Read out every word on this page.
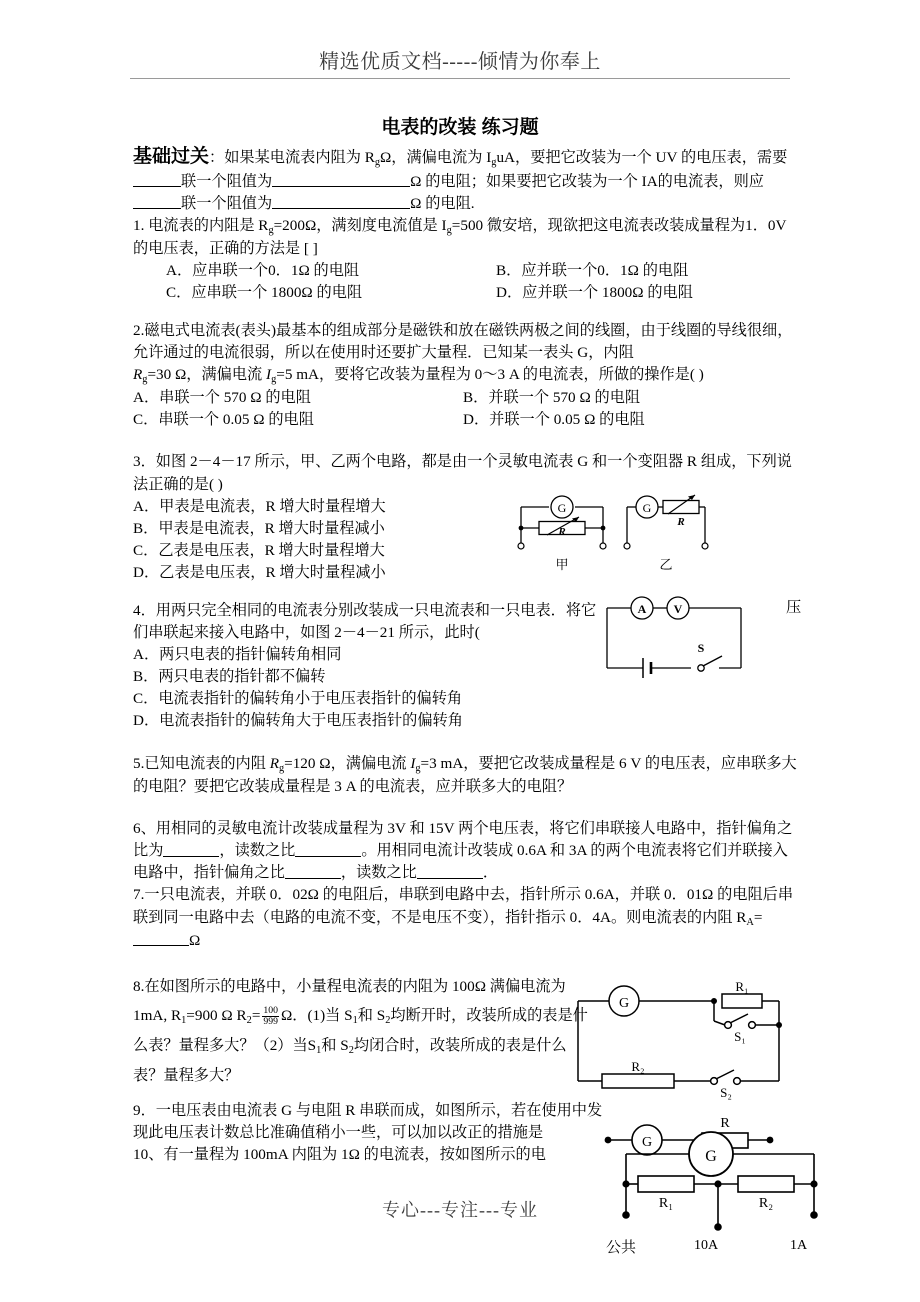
精选优质文档-----倾情为你奉上
电表的改装 练习题
基础过关：如果某电流表内阻为 $R_g\Omega$，满偏电流为 $I_guA$，要把它改装为一个 UV 的电压表，需要联一个阻值为	Ω 的电阻；如果要把它改装为一个 IA的电流表，则应联一个阻值为	Ω 的电阻.
1. 电流表的内阻是 $R_g=200\Omega$，满刻度电流值是 $I_g=500$ 微安培，现欲把这电流表改装成量程为1．0V 的电压表，正确的方法是 [ ]
A．应串联一个0．1Ω 的电阻	B．应并联一个0．1Ω 的电阻
C．应串联一个 1800Ω 的电阻	D．应并联一个 1800Ω 的电阻
2.磁电式电流表(表头)最基本的组成部分是磁铁和放在磁铁两极之间的线圈，由于线圈的导线很细，允许通过的电流很弱，所以在使用时还要扩大量程．已知某一表头 G，内阻
$R_g=30$ Ω，满偏电流 $I_g=5$ mA，要将它改装为量程为 0～3 A 的电流表，所做的操作是( )
A．串联一个 570 Ω 的电阻	B．并联一个 570 Ω 的电阻
C．串联一个 0.05 Ω 的电阻	D．并联一个 0.05 Ω 的电阻
3．如图 2－4－17 所示，甲、乙两个电路，都是由一个灵敏电流表 G 和一个变阻器 R 组成，下列说法正确的是( )
A．甲表是电流表，R 增大时量程增大
B．甲表是电流表，R 增大时量程减小
C．乙表是电压表，R 增大时量程增大
D．乙表是电压表，R 增大时量程减小
4．用两只完全相同的电流表分别改装成一只电流表和一只电表．将它们串联起来接入电路中，如图 2－4－21 所示，此时(
A．两只电表的指针偏转角相同
B．两只电表的指针都不偏转
C．电流表指针的偏转角小于电压表指针的偏转角
D．电流表指针的偏转角大于电压表指针的偏转角
5.已知电流表的内阻 $R_g=120$ Ω，满偏电流 $I_g=3$ mA，要把它改装成量程是 6 V 的电压表，应串联多大的电阻？要把它改装成量程是 3 A 的电流表，应并联多大的电阻？
6、用相同的灵敏电流计改装成量程为 3V 和 15V 两个电压表，将它们串联接人电路中，指针偏角之比为	，读数之比	。用相同电流计改装成 0.6A 和 3A 的两个电流表将它们并联接入电路中，指针偏角之比	，读数之比	．
7.一只电流表，并联 0．02Ω 的电阻后，串联到电路中去，指针所示 0.6A，并联 0．01Ω 的电阻后串联到同一电路中去（电路的电流不变，不是电压不变），指针指示 0．4A。则电流表的内阻 $R_A=\Omega$
8.在如图所示的电路中，小量程电流表的内阻为 100Ω 满偏电流为 1mA, $R_1=900$ Ω $R_2= \frac{100}{999}$ Ω．(1)当 $S_1$和 $S_2$均断开时，改装所成的表是什么表？量程多大？（2）当$S_1$和 $S_2$均闭合时，改装所成的表是什么表？量程多大？
9．一电压表由电流表 G 与电阻 R 串联而成，如图所示，若在使用中发现此电压表计数总比准确值稍小一些，可以加以改正的措施是
10、有一量程为 100mA 内阻为 1Ω 的电流表，按如图所示的电
压
G
R
甲
G
R
乙
A V
S
G
R₁
R₂
S₁
S₂
R
G
G
R₁	R₂
公共	10A	1A
专心---专注---专业
